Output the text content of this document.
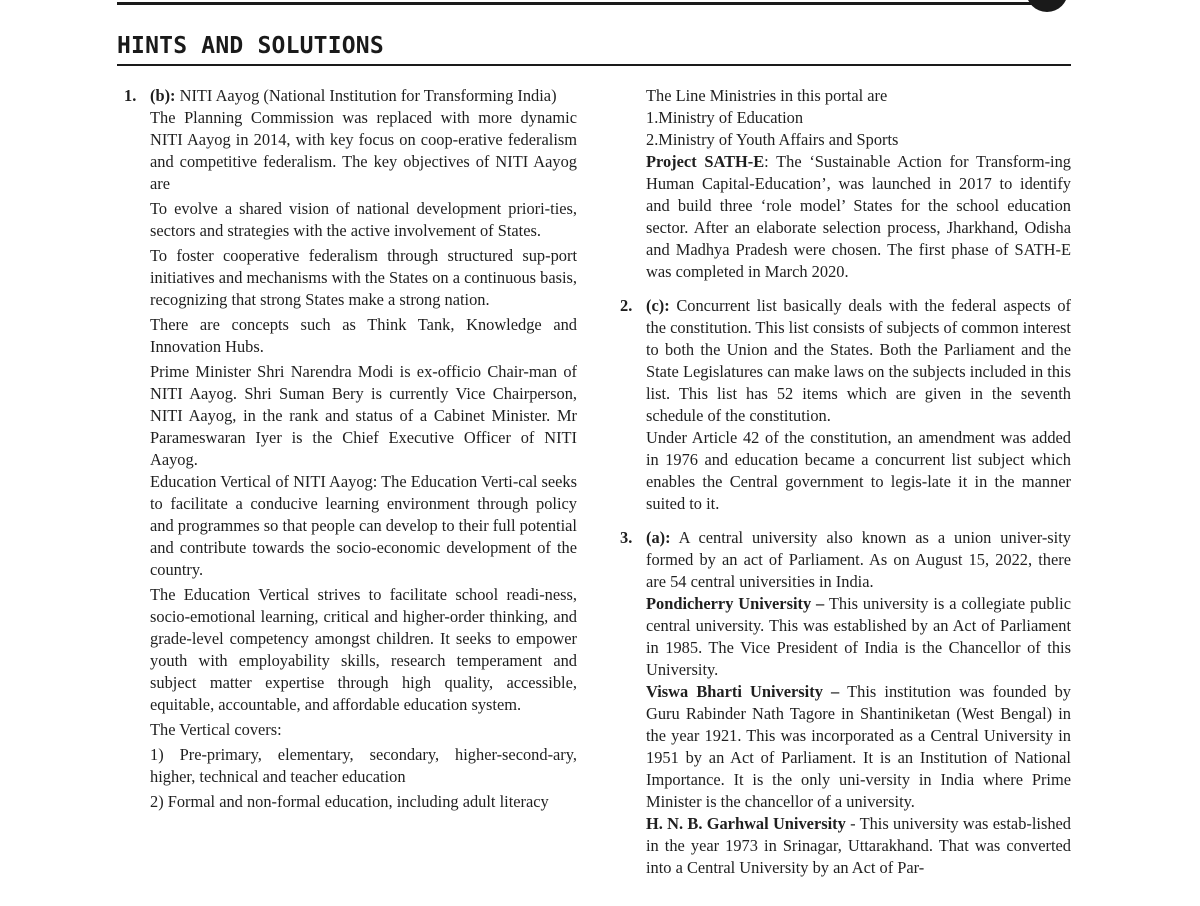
HINTS AND SOLUTIONS
1. (b): NITI Aayog (National Institution for Transforming India)

The Planning Commission was replaced with more dynamic NITI Aayog in 2014, with key focus on coop-erative federalism and competitive federalism. The key objectives of NITI Aayog are

To evolve a shared vision of national development priori-ties, sectors and strategies with the active involvement of States.

To foster cooperative federalism through structured sup-port initiatives and mechanisms with the States on a continuous basis, recognizing that strong States make a strong nation.

There are concepts such as Think Tank, Knowledge and Innovation Hubs.

Prime Minister Shri Narendra Modi is ex-officio Chair-man of NITI Aayog. Shri Suman Bery is currently Vice Chairperson, NITI Aayog, in the rank and status of a Cabinet Minister. Mr Parameswaran Iyer is the Chief Executive Officer of NITI Aayog.

Education Vertical of NITI Aayog: The Education Verti-cal seeks to facilitate a conducive learning environment through policy and programmes so that people can develop to their full potential and contribute towards the socio-economic development of the country.

The Education Vertical strives to facilitate school readi-ness, socio-emotional learning, critical and higher-order thinking, and grade-level competency amongst children. It seeks to empower youth with employability skills, research temperament and subject matter expertise through high quality, accessible, equitable, accountable, and affordable education system.

The Vertical covers:

1) Pre-primary, elementary, secondary, higher-second-ary, higher, technical and teacher education

2) Formal and non-formal education, including adult literacy

The Line Ministries in this portal are

1.Ministry of Education

2.Ministry of Youth Affairs and Sports

Project SATH-E: The ‘Sustainable Action for Transform-ing Human Capital-Education’, was launched in 2017 to identify and build three ‘role model’ States for the school education sector. After an elaborate selection process, Jharkhand, Odisha and Madhya Pradesh were chosen. The first phase of SATH-E was completed in March 2020.

2. (c): Concurrent list basically deals with the federal aspects of the constitution. This list consists of subjects of common interest to both the Union and the States. Both the Parliament and the State Legislatures can make laws on the subjects included in this list. This list has 52 items which are given in the seventh schedule of the constitution.

Under Article 42 of the constitution, an amendment was added in 1976 and education became a concurrent list subject which enables the Central government to legis-late it in the manner suited to it.

3. (a): A central university also known as a union univer-sity formed by an act of Parliament. As on August 15, 2022, there are 54 central universities in India.

Pondicherry University – This university is a collegiate public central university. This was established by an Act of Parliament in 1985. The Vice President of India is the Chancellor of this University.

Viswa Bharti University – This institution was founded by Guru Rabinder Nath Tagore in Shantiniketan (West Bengal) in the year 1921. This was incorporated as a Central University in 1951 by an Act of Parliament. It is an Institution of National Importance. It is the only uni-versity in India where Prime Minister is the chancellor of a university.

H. N. B. Garhwal University - This university was estab-lished in the year 1973 in Srinagar, Uttarakhand. That was converted into a Central University by an Act of Par-
